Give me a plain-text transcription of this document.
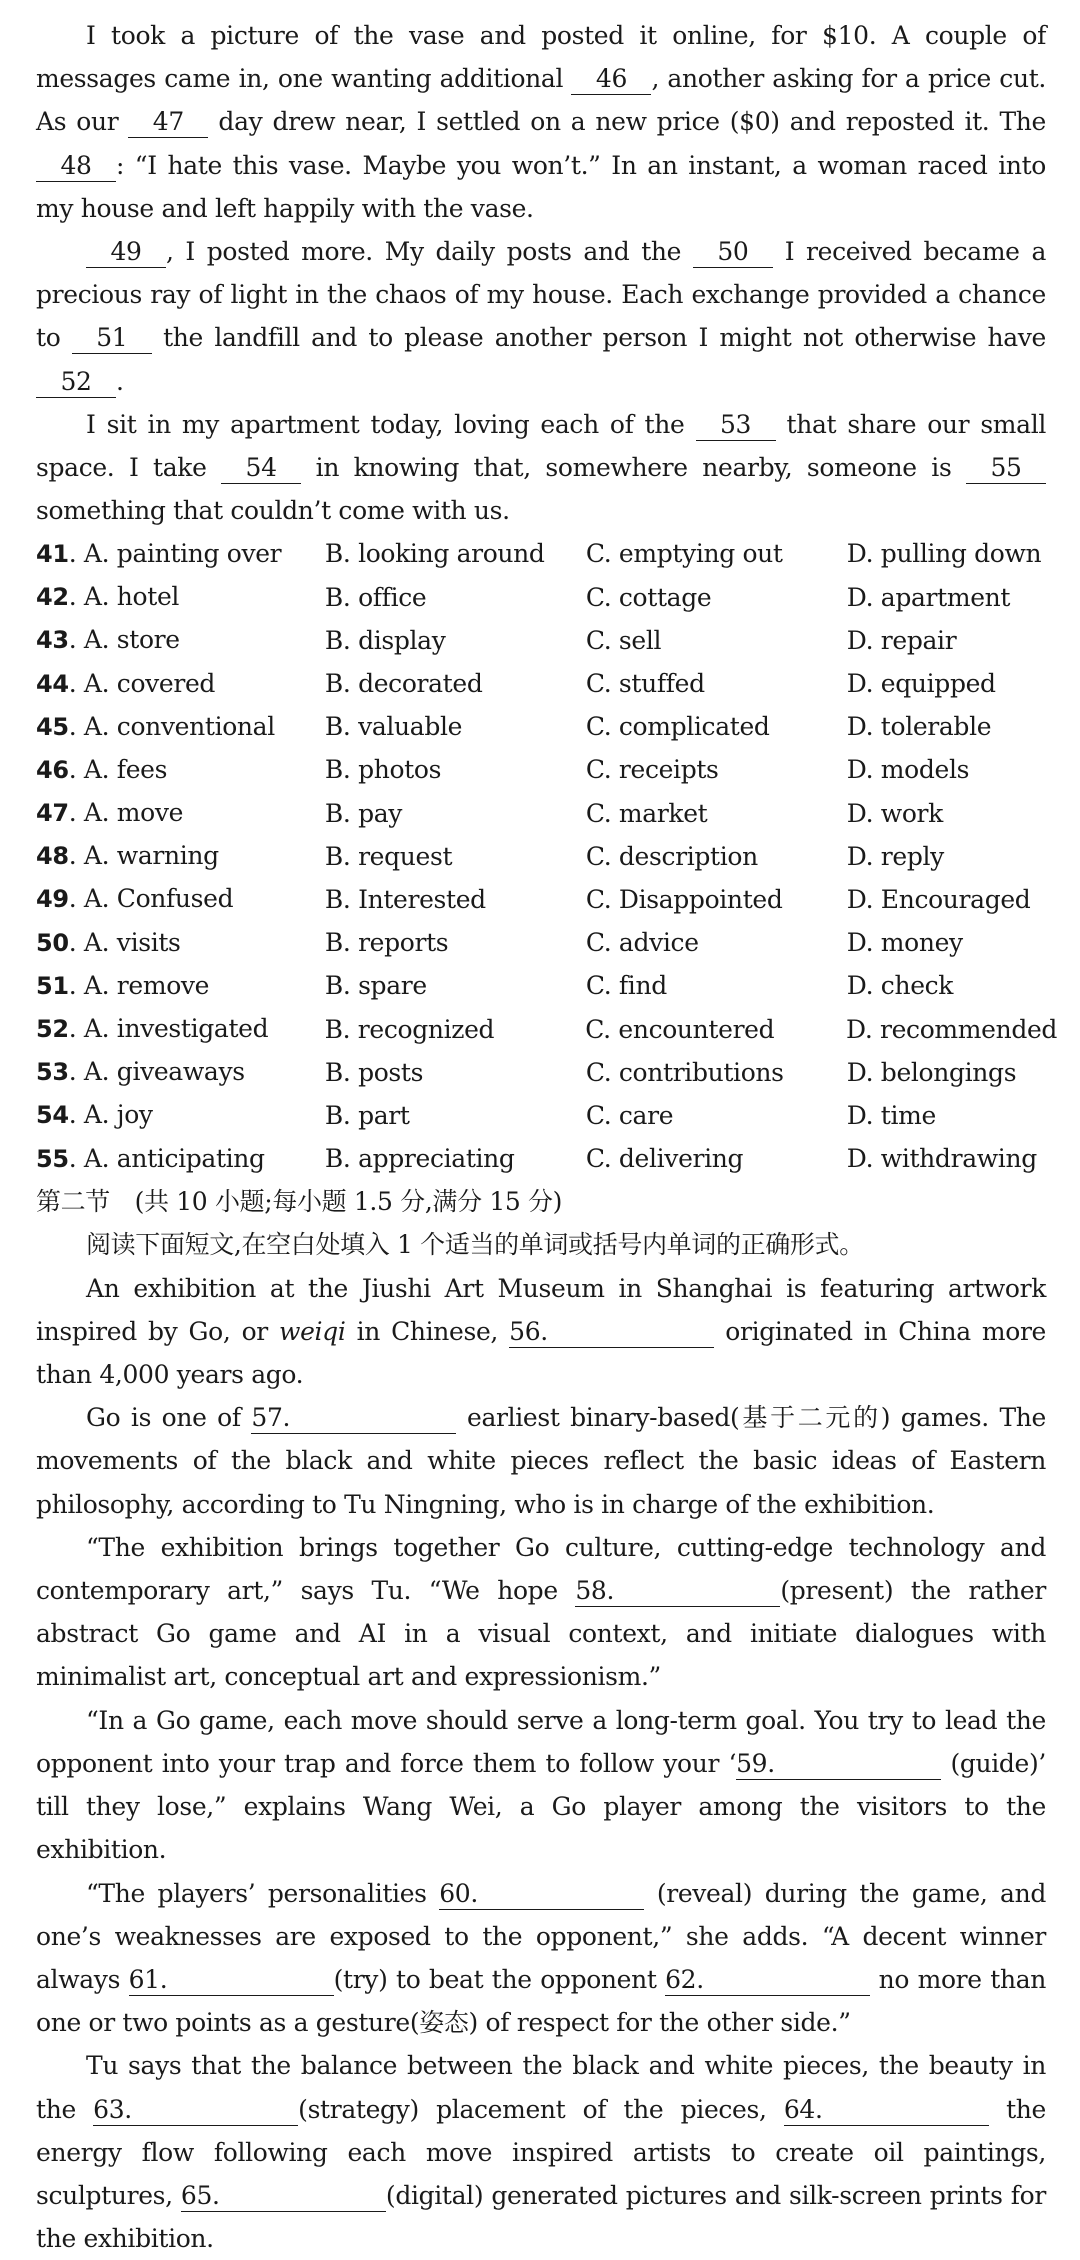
I took a picture of the vase and posted it online, for $10. A couple of messages came in, one wanting additional 46 , another asking for a price cut. As our 47 day drew near, I settled on a new price ($0) and reposted it. The 48 : “I hate this vase. Maybe you won’t.” In an instant, a woman raced into my house and left happily with the vase.

49 , I posted more. My daily posts and the 50 I received became a precious ray of light in the chaos of my house. Each exchange provided a chance to 51 the landfill and to please another person I might not otherwise have 52 .

I sit in my apartment today, loving each of the 53 that share our small space. I take 54 in knowing that, somewhere nearby, someone is 55 something that couldn’t come with us.

41. A. painting over	B. looking around	C. emptying out	D. pulling down
42. A. hotel	B. office	C. cottage	D. apartment
43. A. store	B. display	C. sell	D. repair
44. A. covered	B. decorated	C. stuffed	D. equipped
45. A. conventional	B. valuable	C. complicated	D. tolerable
46. A. fees	B. photos	C. receipts	D. models
47. A. move	B. pay	C. market	D. work
48. A. warning	B. request	C. description	D. reply
49. A. Confused	B. Interested	C. Disappointed	D. Encouraged
50. A. visits	B. reports	C. advice	D. money
51. A. remove	B. spare	C. find	D. check
52. A. investigated	B. recognized	C. encountered	D. recommended
53. A. giveaways	B. posts	C. contributions	D. belongings
54. A. joy	B. part	C. care	D. time
55. A. anticipating	B. appreciating	C. delivering	D. withdrawing

第二节　(共 10 小题;每小题 1.5 分,满分 15 分)

阅读下面短文,在空白处填入 1 个适当的单词或括号内单词的正确形式。

An exhibition at the Jiushi Art Museum in Shanghai is featuring artwork inspired by Go, or weiqi in Chinese, 56.	originated in China more than 4,000 years ago.

Go is one of 57.	earliest binary-based(基于二元的) games. The movements of the black and white pieces reflect the basic ideas of Eastern philosophy, according to Tu Ningning, who is in charge of the exhibition.

“The exhibition brings together Go culture, cutting-edge technology and contemporary art,” says Tu. “We hope 58.	(present) the rather abstract Go game and AI in a visual context, and initiate dialogues with minimalist art, conceptual art and expressionism.”

“In a Go game, each move should serve a long-term goal. You try to lead the opponent into your trap and force them to follow your ‘59.	(guide)’ till they lose,” explains Wang Wei, a Go player among the visitors to the exhibition.

“The players’ personalities 60.	(reveal) during the game, and one’s weaknesses are exposed to the opponent,” she adds. “A decent winner always 61.	(try) to beat the opponent 62.	no more than one or two points as a gesture(姿态) of respect for the other side.”

Tu says that the balance between the black and white pieces, the beauty in the 63.	(strategy) placement of the pieces, 64.	the energy flow following each move inspired artists to create oil paintings, sculptures, 65.	(digital) generated pictures and silk-screen prints for the exhibition.
